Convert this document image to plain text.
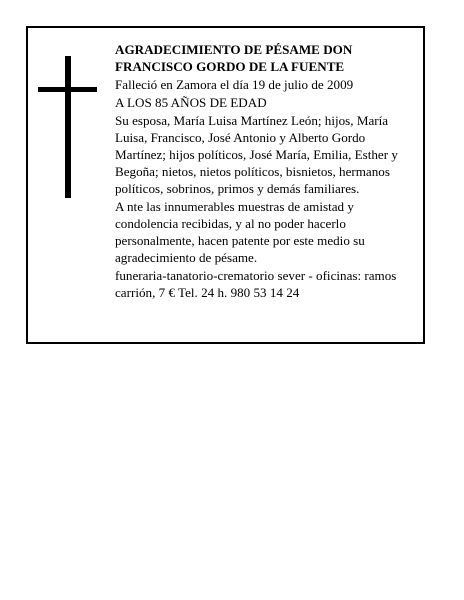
AGRADECIMIENTO DE PÉSAME DON FRANCISCO GORDO DE LA FUENTE

Falleció en Zamora el día 19 de julio de 2009

A LOS 85 AÑOS DE EDAD

Su esposa, María Luisa Martínez León; hijos, María Luisa, Francisco, José Antonio y Alberto Gordo Martínez; hijos políticos, José María, Emilia, Esther y Begoña; nietos, nietos políticos, bisnietos, hermanos políticos, sobrinos, primos y demás familiares.

A nte las innumerables muestras de amistad y condolencia recibidas, y al no poder hacerlo personalmente, hacen patente por este medio su agradecimiento de pésame.

funeraria-tanatorio-crematorio sever - oficinas: ramos carrión, 7 € Tel. 24 h. 980 53 14 24
